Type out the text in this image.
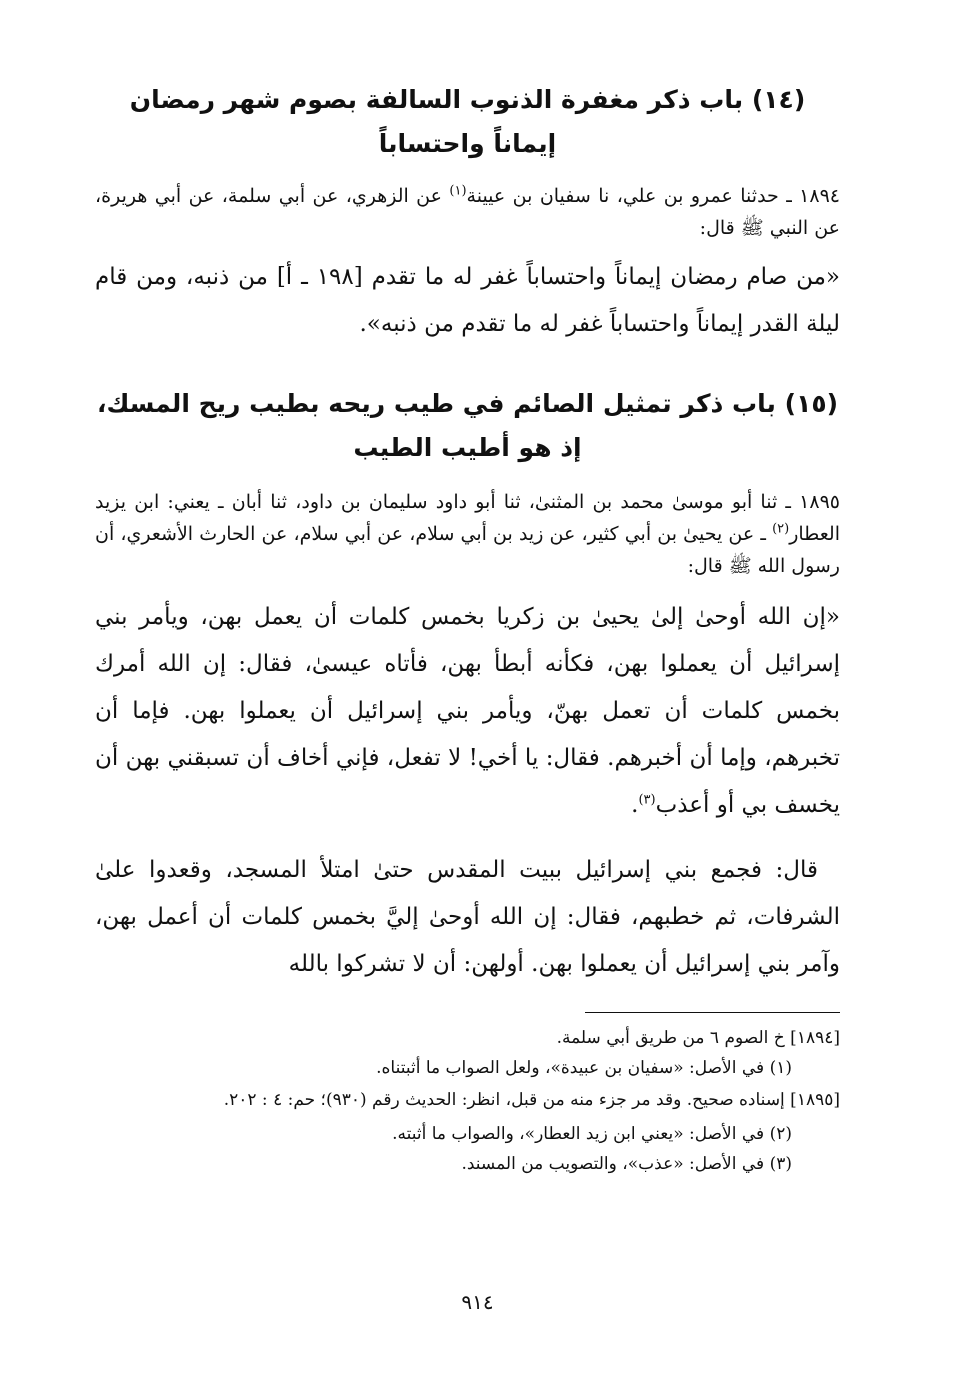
(١٤) باب ذكر مغفرة الذنوب السالفة بصوم شهر رمضان
إيماناً واحتساباً

١٨٩٤ ـ حدثنا عمرو بن علي، نا سفيان بن عيينة$^{(١)}$ عن الزهري، عن أبي سلمة، عن أبي هريرة، عن النبي ﷺ قال:

«من صام رمضان إيماناً واحتساباً غفر له ما تقدم [١٩٨ ـ أ] من ذنبه، ومن قام ليلة القدر إيماناً واحتساباً غفر له ما تقدم من ذنبه».

(١٥) باب ذكر تمثيل الصائم في طيب ريحه بطيب ريح المسك،
إذ هو أطيب الطيب

١٨٩٥ ـ ثنا أبو موسىٰ محمد بن المثنىٰ، ثنا أبو داود سليمان بن داود، ثنا أبان ـ يعني: ابن يزيد العطار$^{(٢)}$ ـ عن يحيىٰ بن أبي كثير، عن زيد بن أبي سلام، عن أبي سلام، عن الحارث الأشعري، أن رسول الله ﷺ قال:

«إن الله أوحىٰ إلىٰ يحيىٰ بن زكريا بخمس كلمات أن يعمل بهن، ويأمر بني إسرائيل أن يعملوا بهن، فكأنه أبطأ بهن، فأتاه عيسىٰ، فقال: إن الله أمرك بخمس كلمات أن تعمل بهنّ، ويأمر بني إسرائيل أن يعملوا بهن. فإما أن تخبرهم، وإما أن أخبرهم. فقال: يا أخي! لا تفعل، فإني أخاف أن تسبقني بهن أن يخسف بي أو أعذب$^{(٣)}$.

قال: فجمع بني إسرائيل ببيت المقدس حتىٰ امتلأ المسجد، وقعدوا علىٰ الشرفات، ثم خطبهم، فقال: إن الله أوحىٰ إليَّ بخمس كلمات أن أعمل بهن، وآمر بني إسرائيل أن يعملوا بهن. أولهن: أن لا تشركوا بالله

[١٨٩٤] خ الصوم ٦ من طريق أبي سلمة.

(١) في الأصل: «سفيان بن عبيدة»، ولعل الصواب ما أثبتناه.

[١٨٩٥] إسناده صحيح. وقد مر جزء منه من قبل، انظر: الحديث رقم (٩٣٠)؛ حم: ٤ : ٢٠٢.

(٢) في الأصل: «يعني ابن زيد العطار»، والصواب ما أثبته.

(٣) في الأصل: «عذب»، والتصويب من المسند.

٩١٤
